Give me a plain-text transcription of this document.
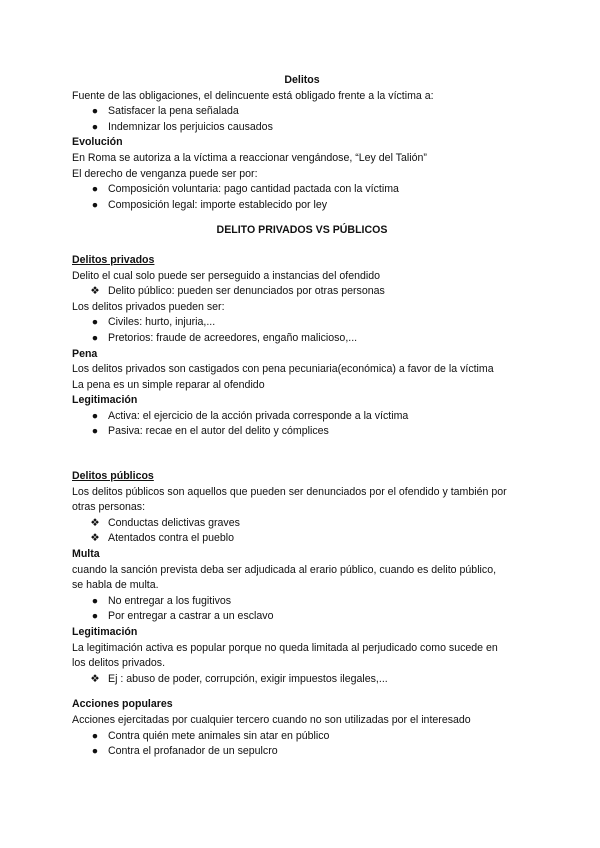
Delitos
Fuente de las obligaciones, el delincuente está obligado frente a la víctima a:
● Satisfacer la pena señalada
● Indemnizar los perjuicios causados
Evolución
En Roma se autoriza a la víctima a reaccionar vengándose, “Ley del Talión”
El derecho de venganza puede ser por:
● Composición voluntaria: pago cantidad pactada con la víctima
● Composición legal: importe establecido por ley
DELITO PRIVADOS VS PÚBLICOS
Delitos privados
Delito el cual solo puede ser perseguido a instancias del ofendido
❖ Delito público: pueden ser denunciados por otras personas
Los delitos privados pueden ser:
● Civiles: hurto, injuria,...
● Pretorios: fraude de acreedores, engaño malicioso,...
Pena
Los delitos privados son castigados con pena pecuniaria(económica) a favor de la víctima
La pena es un simple reparar al ofendido
Legitimación
● Activa: el ejercicio de la acción privada corresponde a la víctima
● Pasiva: recae en el autor del delito y cómplices
Delitos públicos
Los delitos públicos son aquellos que pueden ser denunciados por el ofendido y también por
otras personas:
❖ Conductas delictivas graves
❖ Atentados contra el pueblo
Multa
cuando la sanción prevista deba ser adjudicada al erario público, cuando es delito público,
se habla de multa.
● No entregar a los fugitivos
● Por entregar a castrar a un esclavo
Legitimación
La legitimación activa es popular porque no queda limitada al perjudicado como sucede en
los delitos privados.
❖ Ej : abuso de poder, corrupción, exigir impuestos ilegales,...
Acciones populares
Acciones ejercitadas por cualquier tercero cuando no son utilizadas por el interesado
● Contra quién mete animales sin atar en público
● Contra el profanador de un sepulcro
